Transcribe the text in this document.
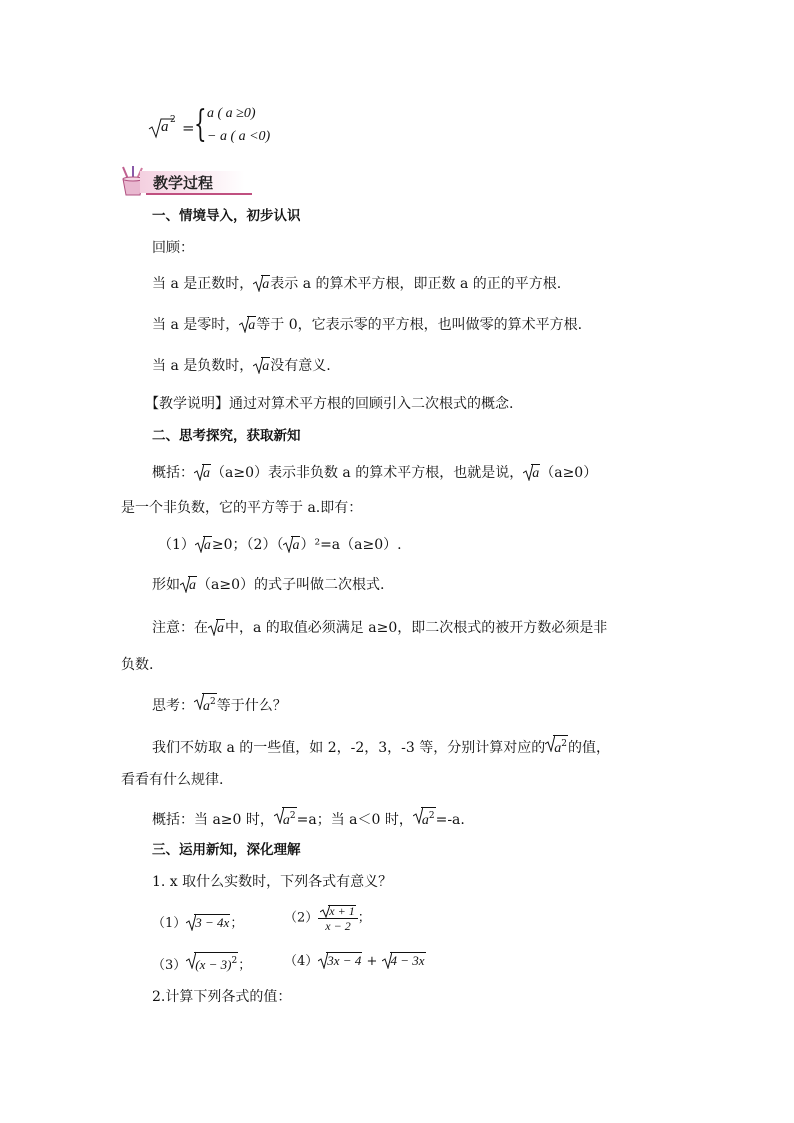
a 2 = { a ( a ≥0)
− a ( a <0)
教学过程
一、情境导入，初步认识
回顾：
当 a 是正数时， a表示 a 的算术平方根，即正数 a 的正的平方根.
当 a 是零时， a等于 0，它表示零的平方根，也叫做零的算术平方根.
当 a 是负数时， a没有意义.
【教学说明】通过对算术平方根的回顾引入二次根式的概念.
二、思考探究，获取新知
概括： a（a≥0）表示非负数 a 的算术平方根，也就是说， a（a≥0）
是一个非负数，它的平方等于 a.即有：
（1） a≥0；（2）（ a）²=a（a≥0）.
形如 a（a≥0）的式子叫做二次根式.
注意：在 a中，a 的取值必须满足 a≥0，即二次根式的被开方数必须是非
负数.
思考： $a^2$等于什么？
我们不妨取 a 的一些值，如 2，-2，3，-3 等，分别计算对应的 $a^2$的值，
看看有什么规律.
概括：当 a≥0 时， $a^2=a$；当 a＜0 时， $a^2=-a$.
三、运用新知，深化理解
1. x 取什么实数时，下列各式有意义？
（1） 3 − 4x；	$(2) \frac{x + 1}{x - 2}$ ；
（3） $(x - 3)^2$；	（4） 3x − 4 + 4 − 3x
2.计算下列各式的值：
